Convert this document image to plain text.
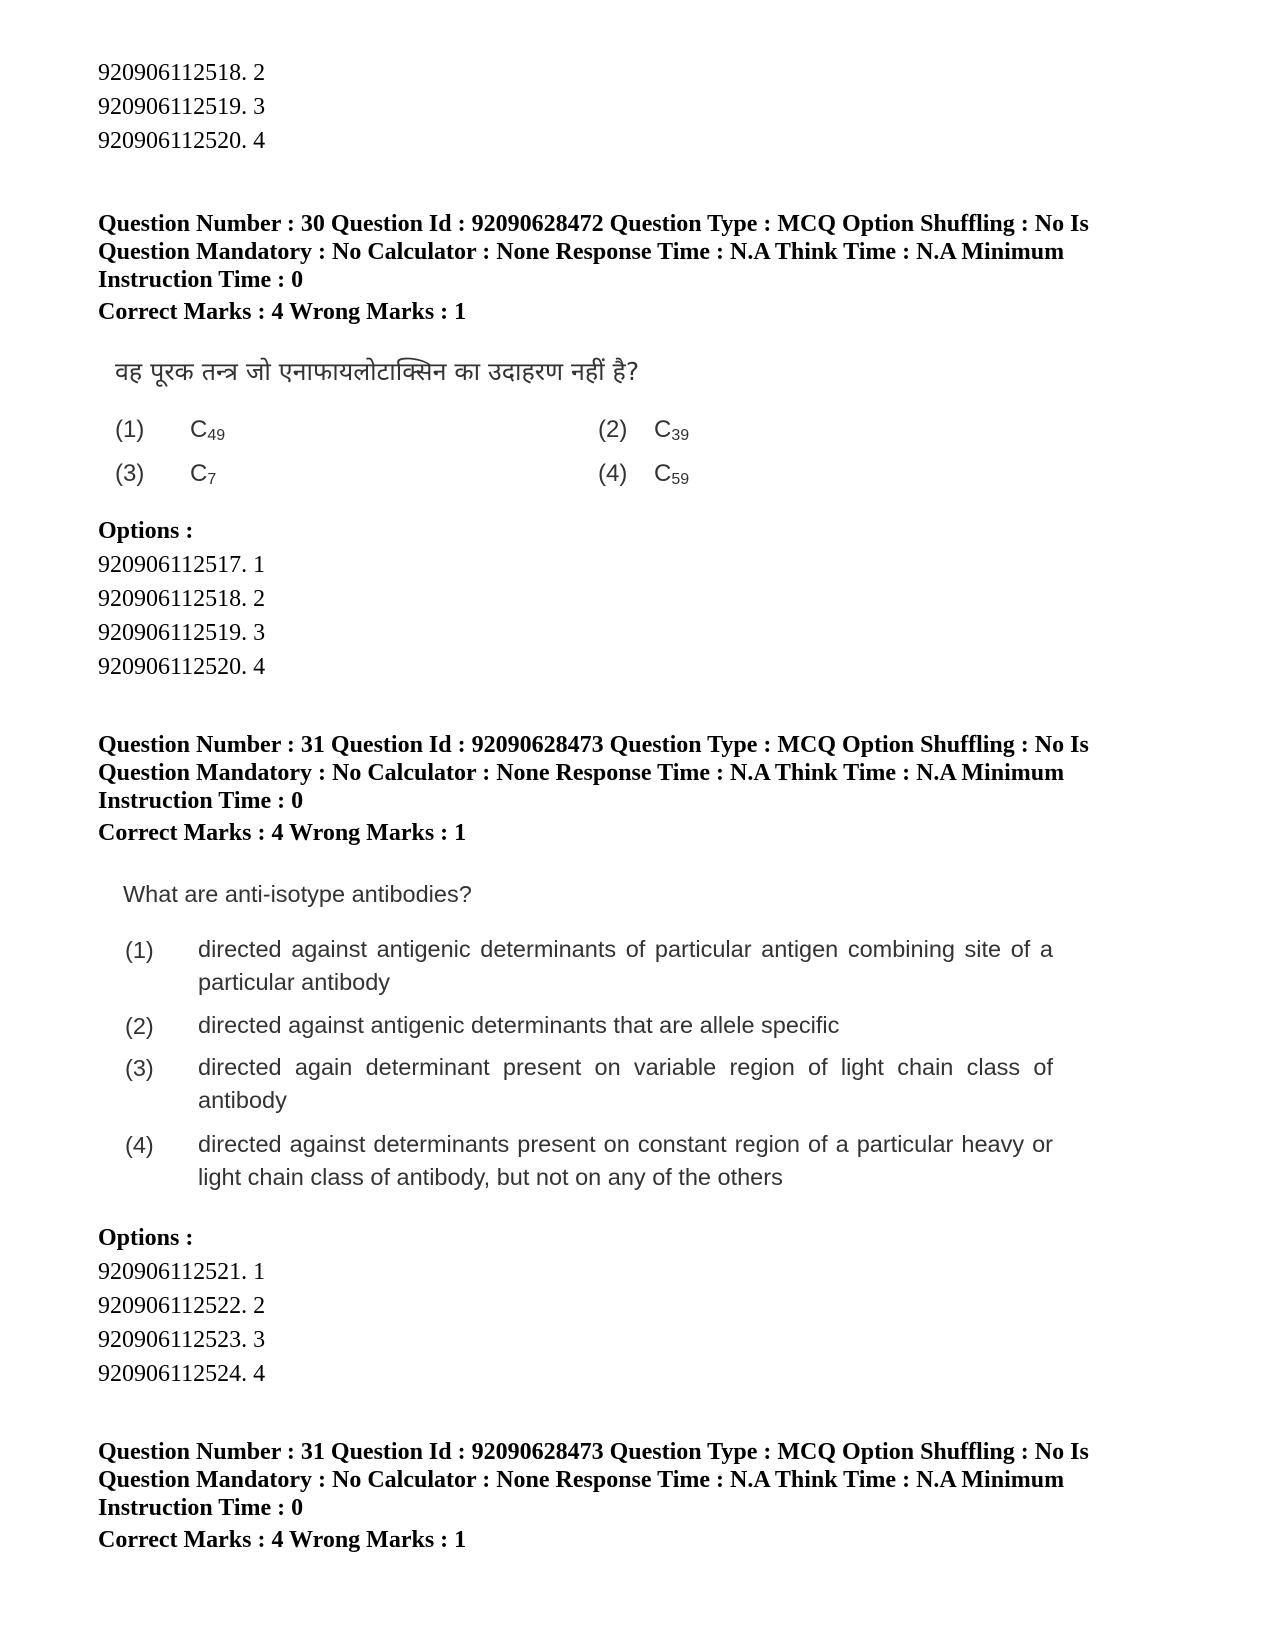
920906112518. 2
920906112519. 3
920906112520. 4
Question Number : 30 Question Id : 92090628472 Question Type : MCQ Option Shuffling : No Is
Question Mandatory : No Calculator : None Response Time : N.A Think Time : N.A Minimum
Instruction Time : 0
Correct Marks : 4 Wrong Marks : 1
वह पूरक तन्त्र जो एनाफायलोटाक्सिन का उदाहरण नहीं है?
(1) $C_{49}$	(2) $C_{39}$
(3) $C_7$	(4) $C_{59}$
Options :
920906112517. 1
920906112518. 2
920906112519. 3
920906112520. 4
Question Number : 31 Question Id : 92090628473 Question Type : MCQ Option Shuffling : No Is
Question Mandatory : No Calculator : None Response Time : N.A Think Time : N.A Minimum
Instruction Time : 0
Correct Marks : 4 Wrong Marks : 1
What are anti-isotype antibodies?
(1) directed against antigenic determinants of particular antigen combining site of a particular antibody
(2) directed against antigenic determinants that are allele specific
(3) directed again determinant present on variable region of light chain class of antibody
(4) directed against determinants present on constant region of a particular heavy or light chain class of antibody, but not on any of the others
Options :
920906112521. 1
920906112522. 2
920906112523. 3
920906112524. 4
Question Number : 31 Question Id : 92090628473 Question Type : MCQ Option Shuffling : No Is
Question Mandatory : No Calculator : None Response Time : N.A Think Time : N.A Minimum
Instruction Time : 0
Correct Marks : 4 Wrong Marks : 1
